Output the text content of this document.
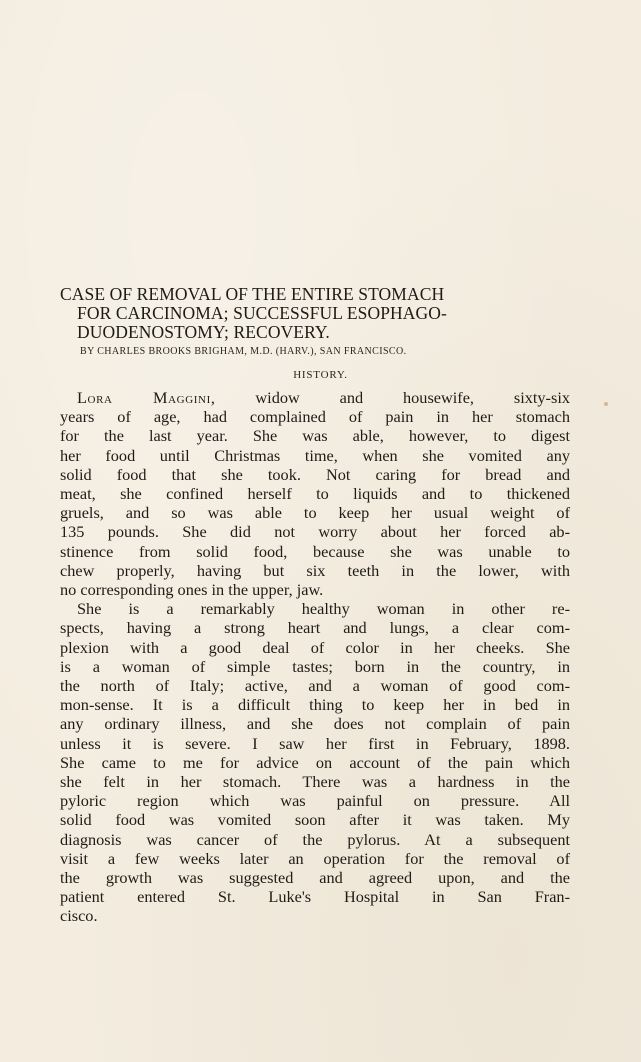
CASE OF REMOVAL OF THE ENTIRE STOMACH
FOR CARCINOMA; SUCCESSFUL ESOPHAGO-
DUODENOSTOMY; RECOVERY.
BY CHARLES BROOKS BRIGHAM, M.D. (HARV.), SAN FRANCISCO.
HISTORY.
Lora Maggini, widow and housewife, sixty-six
years of age, had complained of pain in her stomach
for the last year. She was able, however, to digest
her food until Christmas time, when she vomited any
solid food that she took. Not caring for bread and
meat, she confined herself to liquids and to thickened
gruels, and so was able to keep her usual weight of
135 pounds. She did not worry about her forced ab-
stinence from solid food, because she was unable to
chew properly, having but six teeth in the lower, with
no corresponding ones in the upper, jaw.
She is a remarkably healthy woman in other re-
spects, having a strong heart and lungs, a clear com-
plexion with a good deal of color in her cheeks. She
is a woman of simple tastes; born in the country, in
the north of Italy; active, and a woman of good com-
mon-sense. It is a difficult thing to keep her in bed in
any ordinary illness, and she does not complain of pain
unless it is severe. I saw her first in February, 1898.
She came to me for advice on account of the pain which
she felt in her stomach. There was a hardness in the
pyloric region which was painful on pressure. All
solid food was vomited soon after it was taken. My
diagnosis was cancer of the pylorus. At a subsequent
visit a few weeks later an operation for the removal of
the growth was suggested and agreed upon, and the
patient entered St. Luke's Hospital in San Fran-
cisco.
